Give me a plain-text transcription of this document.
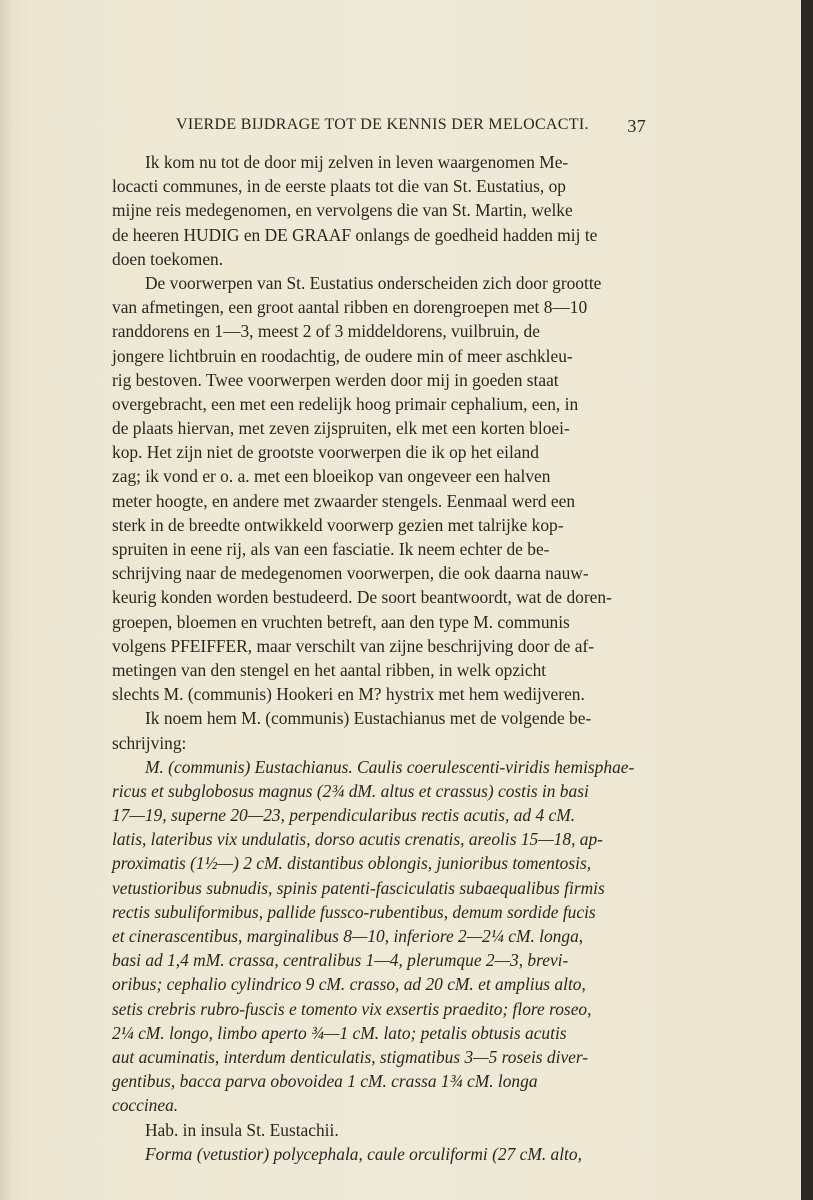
VIERDE BIJDRAGE TOT DE KENNIS DER MELOCACTI. 37
Ik kom nu tot de door mij zelven in leven waargenomen Me-
locacti communes, in de eerste plaats tot die van St. Eustatius, op
mijne reis medegenomen, en vervolgens die van St. Martin, welke
de heeren HUDIG en DE GRAAF onlangs de goedheid hadden mij te
doen toekomen.
De voorwerpen van St. Eustatius onderscheiden zich door grootte
van afmetingen, een groot aantal ribben en dorengroepen met 8—10
randdorens en 1—3, meest 2 of 3 middeldorens, vuilbruin, de
jongere lichtbruin en roodachtig, de oudere min of meer aschkleu-
rig bestoven. Twee voorwerpen werden door mij in goeden staat
overgebracht, een met een redelijk hoog primair cephalium, een, in
de plaats hiervan, met zeven zijspruiten, elk met een korten bloei-
kop. Het zijn niet de grootste voorwerpen die ik op het eiland
zag; ik vond er o. a. met een bloeikop van ongeveer een halven
meter hoogte, en andere met zwaarder stengels. Eenmaal werd een
sterk in de breedte ontwikkeld voorwerp gezien met talrijke kop-
spruiten in eene rij, als van een fasciatie. Ik neem echter de be-
schrijving naar de medegenomen voorwerpen, die ook daarna nauw-
keurig konden worden bestudeerd. De soort beantwoordt, wat de doren-
groepen, bloemen en vruchten betreft, aan den type M. communis
volgens PFEIFFER, maar verschilt van zijne beschrijving door de af-
metingen van den stengel en het aantal ribben, in welk opzicht
slechts M. (communis) Hookeri en M? hystrix met hem wedijveren.
Ik noem hem M. (communis) Eustachianus met de volgende be-
schrijving:
M. (communis) Eustachianus. Caulis coerulescenti-viridis hemisphae-
ricus et subglobosus magnus (2¾ dM. altus et crassus) costis in basi
17—19, superne 20—23, perpendicularibus rectis acutis, ad 4 cM.
latis, lateribus vix undulatis, dorso acutis crenatis, areolis 15—18, ap-
proximatis (1½—) 2 cM. distantibus oblongis, junioribus tomentosis,
vetustioribus subnudis, spinis patenti-fasciculatis subaequalibus firmis
rectis subuliformibus, pallide fussco-rubentibus, demum sordide fucis
et cinerascentibus, marginalibus 8—10, inferiore 2—2¼ cM. longa,
basi ad 1,4 mM. crassa, centralibus 1—4, plerumque 2—3, brevi-
oribus; cephalio cylindrico 9 cM. crasso, ad 20 cM. et amplius alto,
setis crebris rubro-fuscis e tomento vix exsertis praedito; flore roseo,
2¼ cM. longo, limbo aperto ¾—1 cM. lato; petalis obtusis acutis
aut acuminatis, interdum denticulatis, stigmatibus 3—5 roseis diver-
gentibus, bacca parva obovoidea 1 cM. crassa 1¾ cM. longa
coccinea.
Hab. in insula St. Eustachii.
Forma (vetustior) polycephala, caule orculiformi (27 cM. alto,
